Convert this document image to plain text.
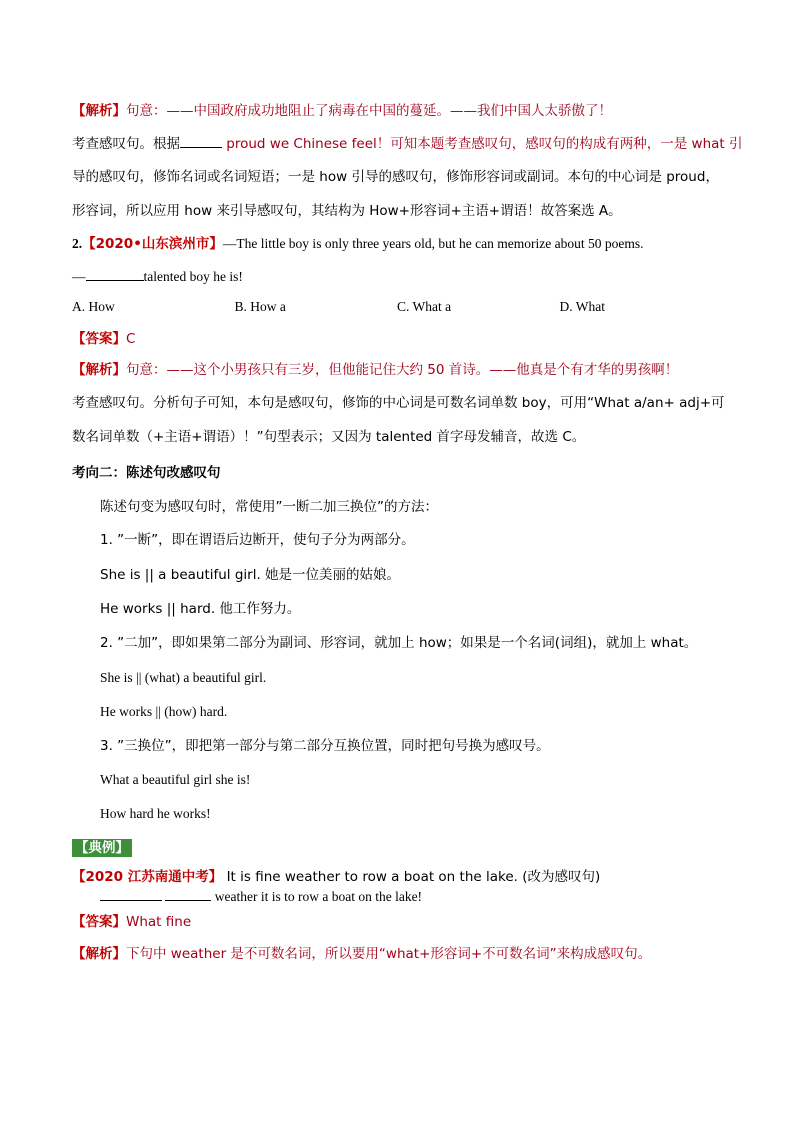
【解析】句意：——中国政府成功地阻止了病毒在中国的蔓延。——我们中国人太骄傲了！
考查感叹句。根据	proud we Chinese feel！可知本题考查感叹句，感叹句的构成有两种，一是 what 引
导的感叹句，修饰名词或名词短语；一是 how 引导的感叹句，修饰形容词或副词。本句的中心词是 proud，
形容词，所以应用 how 来引导感叹句，其结构为 How+形容词+主语+谓语！故答案选 A。
2.【2020•山东滨州市】—The little boy is only three years old, but he can memorize about 50 poems.
—	talented boy he is!
A. How	B. How a	C. What a	D. What
【答案】C
【解析】句意：——这个小男孩只有三岁，但他能记住大约 50 首诗。——他真是个有才华的男孩啊！
考查感叹句。分析句子可知，本句是感叹句，修饰的中心词是可数名词单数 boy，可用“What a/an+ adj+可
数名词单数（+主语+谓语）！”句型表示；又因为 talented 首字母发辅音，故选 C。
考向二：陈述句改感叹句
陈述句变为感叹句时，常使用”一断二加三换位”的方法：
1. ”一断”，即在谓语后边断开，使句子分为两部分。
She is || a beautiful girl. 她是一位美丽的姑娘。
He works || hard. 他工作努力。
2. ”二加”，即如果第二部分为副词、形容词，就加上 how；如果是一个名词(词组)，就加上 what。
She is || (what) a beautiful girl.
He works || (how) hard.
3. ”三换位”，即把第一部分与第二部分互换位置，同时把句号换为感叹号。
What a beautiful girl she is!
How hard he works!
【典例】
【2020 江苏南通中考】 It is fine weather to row a boat on the lake. (改为感叹句)
weather it is to row a boat on the lake!
【答案】What fine
【解析】下句中 weather 是不可数名词，所以要用“what+形容词+不可数名词”来构成感叹句。
